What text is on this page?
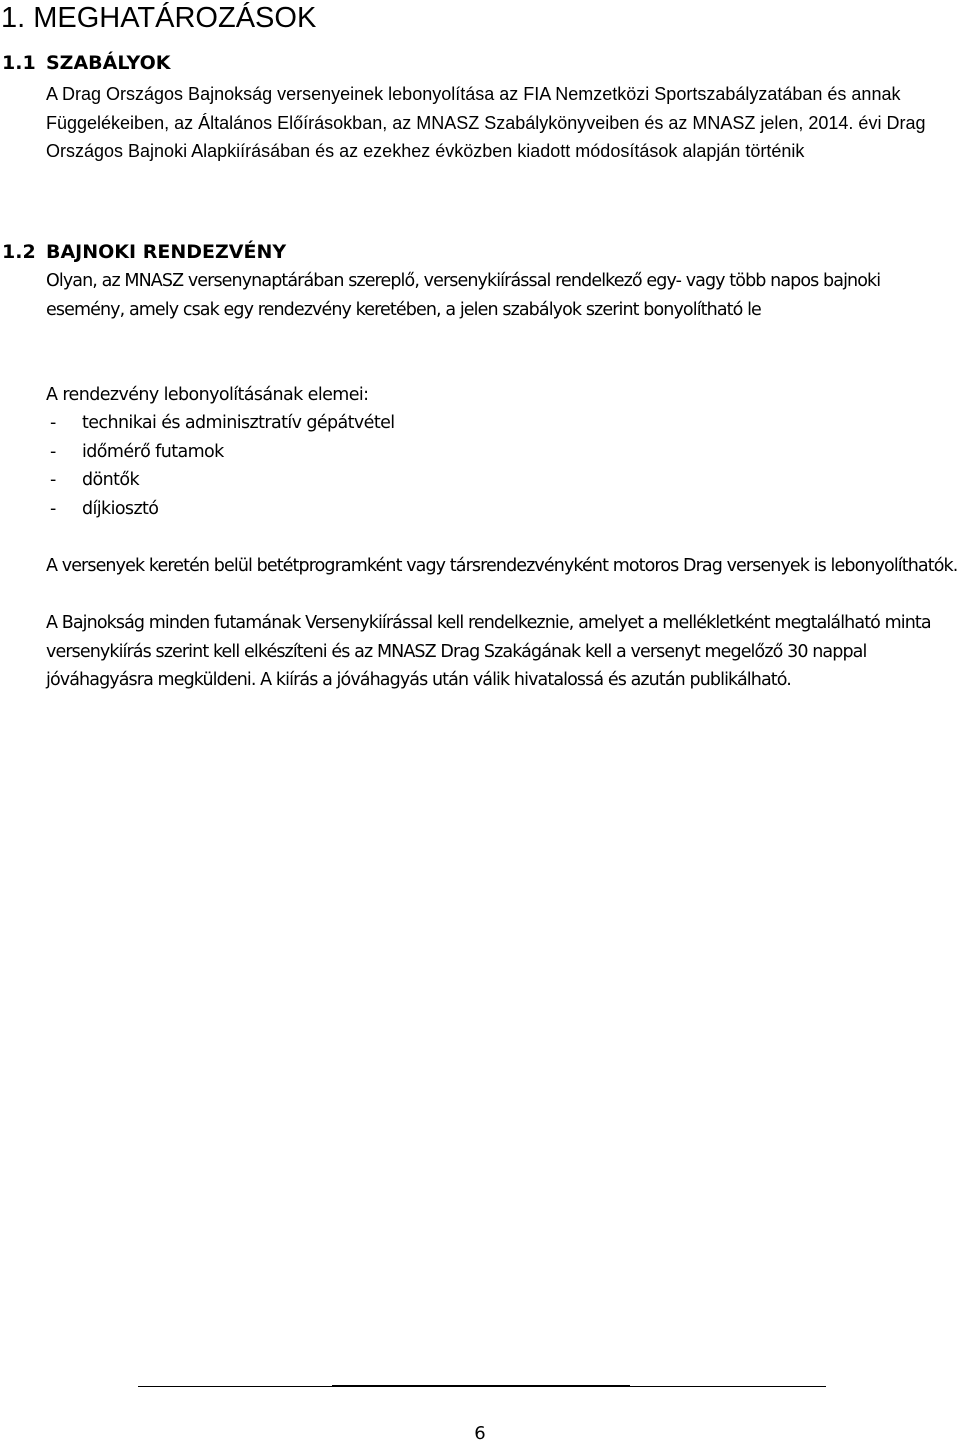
1. MEGHATÁROZÁSOK
1.1 SZABÁLYOK

A Drag Országos Bajnokság versenyeinek lebonyolítása az FIA Nemzetközi Sportszabályzatában és annak Függelékeiben, az Általános Előírásokban, az MNASZ Szabálykönyveiben és az MNASZ jelen, 2014. évi Drag Országos Bajnoki Alapkiírásában és az ezekhez évközben kiadott módosítások alapján történik

1.2 BAJNOKI RENDEZVÉNY

Olyan, az MNASZ versenynaptárában szereplő, versenykiírással rendelkező egy- vagy több napos bajnoki esemény, amely csak egy rendezvény keretében, a jelen szabályok szerint bonyolítható le

A rendezvény lebonyolításának elemei:

- technikai és adminisztratív gépátvétel
- időmérő futamok
- döntők
- díjkiosztó

A versenyek keretén belül betétprogramként vagy társrendezvényként motoros Drag versenyek is lebonyolíthatók.

A Bajnokság minden futamának Versenykiírással kell rendelkeznie, amelyet a mellékletként megtalálható minta versenykiírás szerint kell elkészíteni és az MNASZ Drag Szakágának kell a versenyt megelőző 30 nappal jóváhagyásra megküldeni. A kiírás a jóváhagyás után válik hivatalossá és azután publikálható.

6
